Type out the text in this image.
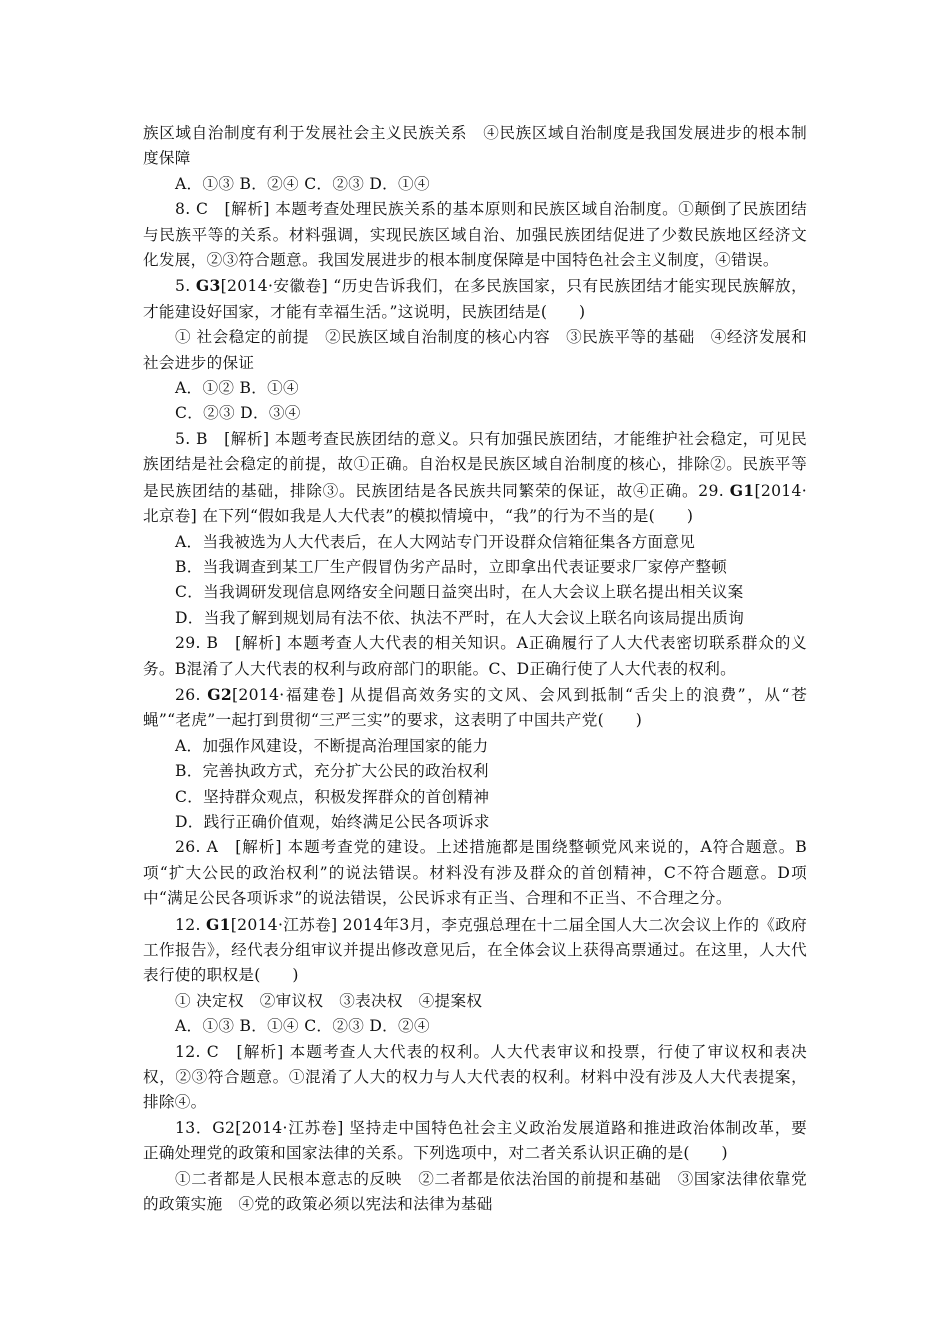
族区域自治制度有利于发展社会主义民族关系　④民族区域自治制度是我国发展进步的根本制度保障

A．①③ B．②④ C．②③ D．①④

8. C　[解析] 本题考查处理民族关系的基本原则和民族区域自治制度。①颠倒了民族团结与民族平等的关系。材料强调，实现民族区域自治、加强民族团结促进了少数民族地区经济文化发展，②③符合题意。我国发展进步的根本制度保障是中国特色社会主义制度，④错误。

5. G3[2014·安徽卷] “历史告诉我们，在多民族国家，只有民族团结才能实现民族解放，才能建设好国家，才能有幸福生活。”这说明，民族团结是(　　)

① 社会稳定的前提　②民族区域自治制度的核心内容　③民族平等的基础　④经济发展和社会进步的保证

A．①② B．①④

C．②③ D．③④

5. B　[解析] 本题考查民族团结的意义。只有加强民族团结，才能维护社会稳定，可见民族团结是社会稳定的前提，故①正确。自治权是民族区域自治制度的核心，排除②。民族平等是民族团结的基础，排除③。民族团结是各民族共同繁荣的保证，故④正确。29. G1[2014·北京卷] 在下列“假如我是人大代表”的模拟情境中，“我”的行为不当的是(　　)

A．当我被选为人大代表后，在人大网站专门开设群众信箱征集各方面意见

B．当我调查到某工厂生产假冒伪劣产品时，立即拿出代表证要求厂家停产整顿

C．当我调研发现信息网络安全问题日益突出时，在人大会议上联名提出相关议案

D．当我了解到规划局有法不依、执法不严时，在人大会议上联名向该局提出质询

29. B　[解析] 本题考查人大代表的相关知识。A正确履行了人大代表密切联系群众的义务。B混淆了人大代表的权利与政府部门的职能。C、D正确行使了人大代表的权利。

26. G2[2014·福建卷] 从提倡高效务实的文风、会风到抵制“舌尖上的浪费”，从“苍蝇”“老虎”一起打到贯彻“三严三实”的要求，这表明了中国共产党(　　)

A．加强作风建设，不断提高治理国家的能力

B．完善执政方式，充分扩大公民的政治权利

C．坚持群众观点，积极发挥群众的首创精神

D．践行正确价值观，始终满足公民各项诉求

26. A　[解析] 本题考查党的建设。上述措施都是围绕整顿党风来说的，A符合题意。B项“扩大公民的政治权利”的说法错误。材料没有涉及群众的首创精神，C不符合题意。D项中“满足公民各项诉求”的说法错误，公民诉求有正当、合理和不正当、不合理之分。

12. G1[2014·江苏卷] 2014年3月，李克强总理在十二届全国人大二次会议上作的《政府工作报告》，经代表分组审议并提出修改意见后，在全体会议上获得高票通过。在这里，人大代表行使的职权是(　　)

① 决定权　②审议权　③表决权　④提案权

A．①③ B．①④ C．②③ D．②④

12. C　[解析] 本题考查人大代表的权利。人大代表审议和投票，行使了审议权和表决权，②③符合题意。①混淆了人大的权力与人大代表的权利。材料中没有涉及人大代表提案，排除④。

13．G2[2014·江苏卷] 坚持走中国特色社会主义政治发展道路和推进政治体制改革，要正确处理党的政策和国家法律的关系。下列选项中，对二者关系认识正确的是(　　)

①二者都是人民根本意志的反映　②二者都是依法治国的前提和基础　③国家法律依靠党的政策实施　④党的政策必须以宪法和法律为基础
